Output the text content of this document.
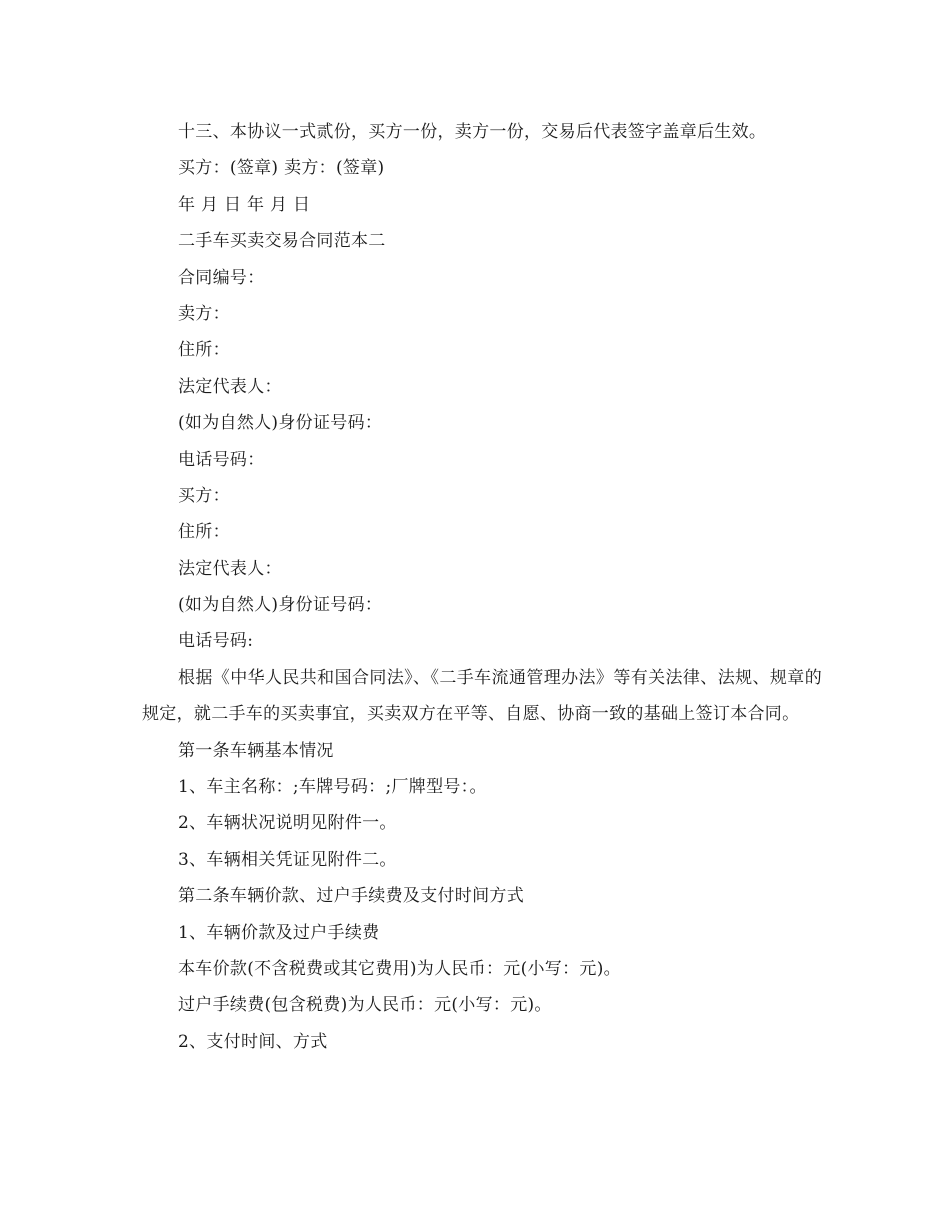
十三、本协议一式贰份，买方一份，卖方一份，交易后代表签字盖章后生效。
买方：(签章) 卖方：(签章)
年 月 日 年 月 日
二手车买卖交易合同范本二
合同编号：
卖方：
住所：
法定代表人：
(如为自然人)身份证号码：
电话号码：
买方：
住所：
法定代表人：
(如为自然人)身份证号码：
电话号码:

根据《中华人民共和国合同法》、《二手车流通管理办法》等有关法律、法规、规章的规定，就二手车的买卖事宜，买卖双方在平等、自愿、协商一致的基础上签订本合同。

第一条车辆基本情况
1、车主名称：;车牌号码：;厂牌型号：。
2、车辆状况说明见附件一。
3、车辆相关凭证见附件二。
第二条车辆价款、过户手续费及支付时间方式
1、车辆价款及过户手续费
本车价款(不含税费或其它费用)为人民币：元(小写：元)。
过户手续费(包含税费)为人民币：元(小写：元)。
2、支付时间、方式
